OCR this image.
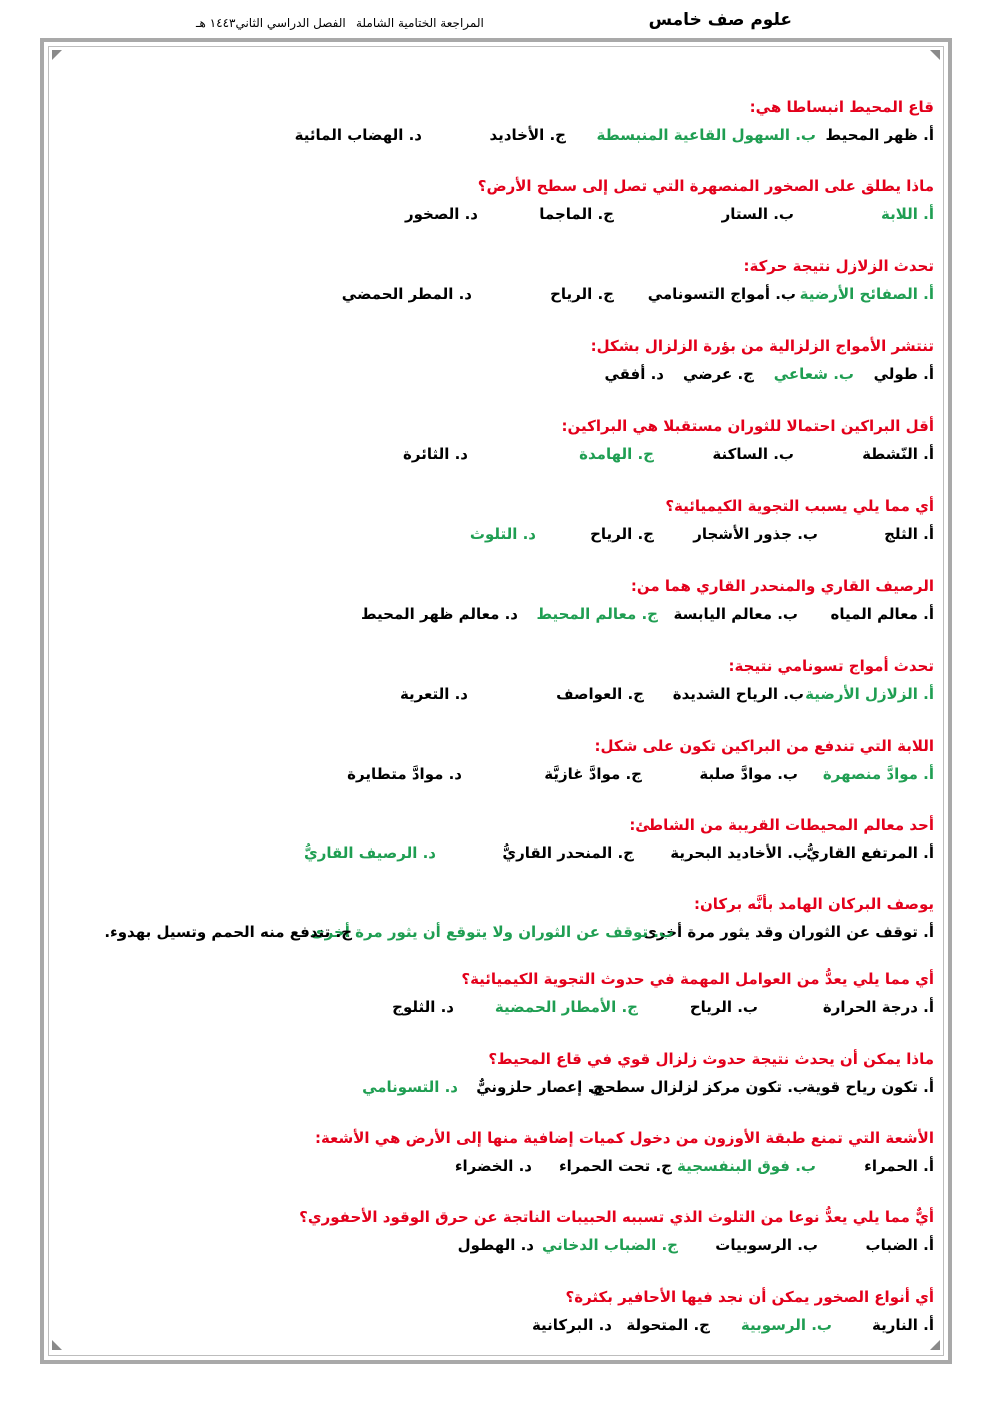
علوم صف خامس
المراجعة الختامية الشاملة
الفصل الدراسي الثاني١٤٤٣ هـ
قاع المحيط انبساطا هي:
أ. ظهر المحيط
ب. السهول القاعية المنبسطة
ج. الأخاديد
د. الهضاب المائية
ماذا يطلق على الصخور المنصهرة التي تصل إلى سطح الأرض؟
أ. اللابة
ب. الستار
ج. الماجما
د. الصخور
تحدث الزلازل نتيجة حركة:
أ. الصفائح الأرضية
ب. أمواج التسونامي
ج. الرياح
د. المطر الحمضي
تنتشر الأمواج الزلزالية من بؤرة الزلزال بشكل:
أ. طولي
ب. شعاعي
ج. عرضي
د. أفقي
أقل البراكين احتمالا للثوران مستقبلا هي البراكين:
أ. النّشطة
ب. الساكنة
ج. الهامدة
د. الثائرة
أي مما يلي يسبب التجوية الكيميائية؟
أ. الثلج
ب. جذور الأشجار
ج. الرياح
د. التلوث
الرصيف القاري والمنحدر القاري هما من:
أ. معالم المياه
ب. معالم اليابسة
ج. معالم المحيط
د. معالم ظهر المحيط
تحدث أمواج تسونامي نتيجة:
أ. الزلازل الأرضية
ب. الرياح الشديدة
ج. العواصف
د. التعرية
اللابة التي تندفع من البراكين تكون على شكل:
أ. موادَّ منصهرة
ب. موادَّ صلبة
ج. موادَّ غازيَّة
د. موادَّ متطايرة
أحد معالم المحيطات القريبة من الشاطئ:
أ. المرتفع القاريُّ
ب. الأخاديد البحرية
ج. المنحدر القاريُّ
د. الرصيف القاريُّ
يوصف البركان الهامد بأنَّه بركان:
أ. توقف عن الثوران وقد يثور مرة أخرى
ب. توقف عن الثوران ولا يتوقع أن يثور مرة أخرى
ج. تندفع منه الحمم وتسيل بهدوء.
أي مما يلي يعدُّ من العوامل المهمة في حدوث التجوية الكيميائية؟
أ. درجة الحرارة
ب. الرياح
ج. الأمطار الحمضية
د. الثلوج
ماذا يمكن أن يحدث نتيجة حدوث زلزال قوي في قاع المحيط؟
أ. تكون رياح قوية
ب. تكون مركز لزلزال سطحي
ج. إعصار حلزونيٌّ
د. التسونامي
الأشعة التي تمنع طبقة الأوزون من دخول كميات إضافية منها إلى الأرض هي الأشعة:
أ. الحمراء
ب. فوق البنفسجية
ج. تحت الحمراء
د. الخضراء
أيٌّ مما يلي يعدُّ نوعا من التلوث الذي تسببه الحبيبات الناتجة عن حرق الوقود الأحفوري؟
أ. الضباب
ب. الرسوبيات
ج. الضباب الدخاني
د. الهطول
أي أنواع الصخور يمكن أن نجد فيها الأحافير بكثرة؟
أ. النارية
ب. الرسوبية
ج. المتحولة
د. البركانية
